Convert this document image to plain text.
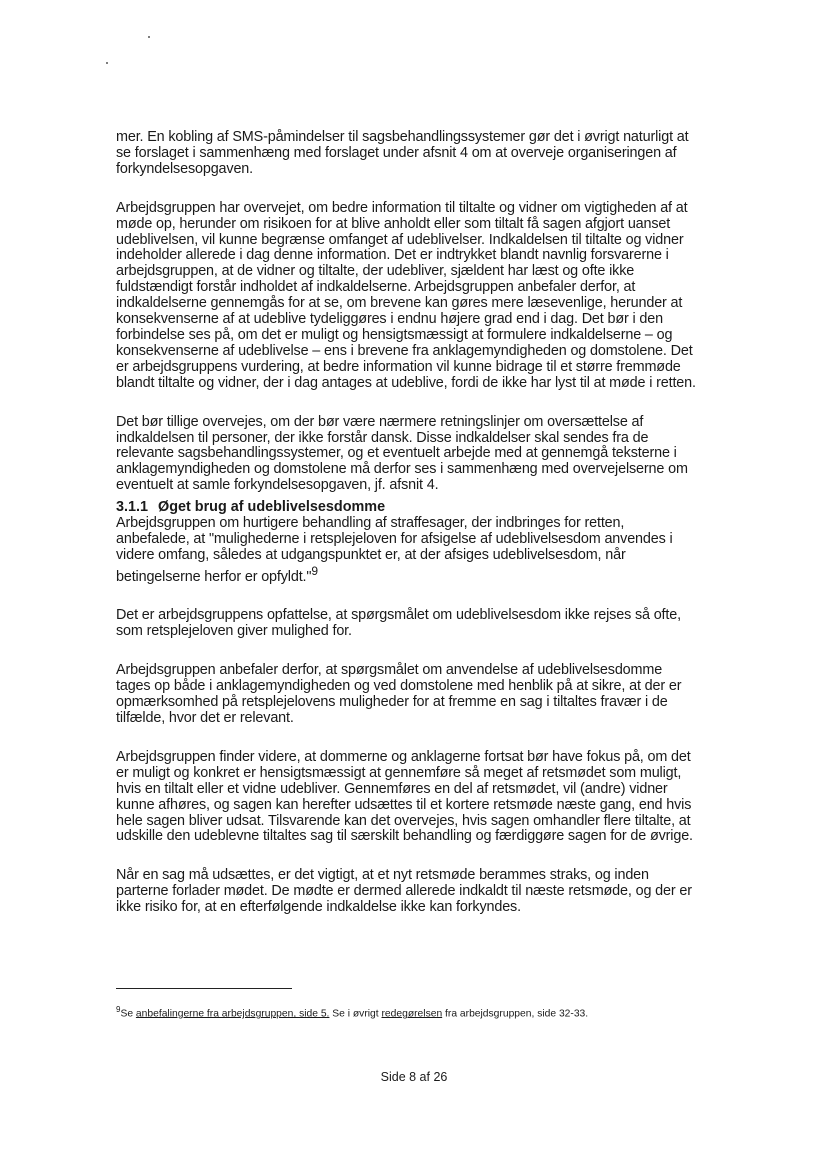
mer. En kobling af SMS-påmindelser til sagsbehandlingssystemer gør det i øvrigt naturligt at se forslaget i sammenhæng med forslaget under afsnit 4 om at overveje organiseringen af forkyndelsesopgaven.

Arbejdsgruppen har overvejet, om bedre information til tiltalte og vidner om vigtigheden af at møde op, herunder om risikoen for at blive anholdt eller som tiltalt få sagen afgjort uanset udeblivelsen, vil kunne begrænse omfanget af udeblivelser. Indkaldelsen til tiltalte og vidner indeholder allerede i dag denne information. Det er indtrykket blandt navnlig forsvarerne i arbejdsgruppen, at de vidner og tiltalte, der udebliver, sjældent har læst og ofte ikke fuldstændigt forstår indholdet af indkaldelserne. Arbejdsgruppen anbefaler derfor, at indkaldelserne gennemgås for at se, om brevene kan gøres mere læsevenlige, herunder at konsekvenserne af at udeblive tydeliggøres i endnu højere grad end i dag. Det bør i den forbindelse ses på, om det er muligt og hensigtsmæssigt at formulere indkaldelserne – og konsekvenserne af udeblivelse – ens i brevene fra anklagemyndigheden og domstolene. Det er arbejdsgruppens vurdering, at bedre information vil kunne bidrage til et større fremmøde blandt tiltalte og vidner, der i dag antages at udeblive, fordi de ikke har lyst til at møde i retten.

Det bør tillige overvejes, om der bør være nærmere retningslinjer om oversættelse af indkaldelsen til personer, der ikke forstår dansk. Disse indkaldelser skal sendes fra de relevante sagsbehandlingssystemer, og et eventuelt arbejde med at gennemgå teksterne i anklagemyndigheden og domstolene må derfor ses i sammenhæng med overvejelserne om eventuelt at samle forkyndelsesopgaven, jf. afsnit 4.

3.1.1 Øget brug af udeblivelsesdomme

Arbejdsgruppen om hurtigere behandling af straffesager, der indbringes for retten, anbefalede, at "mulighederne i retsplejeloven for afsigelse af udeblivelsesdom anvendes i videre omfang, således at udgangspunktet er, at der afsiges udeblivelsesdom, når betingelserne herfor er opfyldt."$^9$

Det er arbejdsgruppens opfattelse, at spørgsmålet om udeblivelsesdom ikke rejses så ofte, som retsplejeloven giver mulighed for.

Arbejdsgruppen anbefaler derfor, at spørgsmålet om anvendelse af udeblivelsesdomme tages op både i anklagemyndigheden og ved domstolene med henblik på at sikre, at der er opmærksomhed på retsplejelovens muligheder for at fremme en sag i tiltaltes fravær i de tilfælde, hvor det er relevant.

Arbejdsgruppen finder videre, at dommerne og anklagerne fortsat bør have fokus på, om det er muligt og konkret er hensigtsmæssigt at gennemføre så meget af retsmødet som muligt, hvis en tiltalt eller et vidne udebliver. Gennemføres en del af retsmødet, vil (andre) vidner kunne afhøres, og sagen kan herefter udsættes til et kortere retsmøde næste gang, end hvis hele sagen bliver udsat. Tilsvarende kan det overvejes, hvis sagen omhandler flere tiltalte, at udskille den udeblevne tiltaltes sag til særskilt behandling og færdiggøre sagen for de øvrige.

Når en sag må udsættes, er det vigtigt, at et nyt retsmøde berammes straks, og inden parterne forlader mødet. De mødte er dermed allerede indkaldt til næste retsmøde, og der er ikke risiko for, at en efterfølgende indkaldelse ikke kan forkyndes.

$^9$Se anbefalingerne fra arbejdsgruppen, side 5. Se i øvrigt redegørelsen fra arbejdsgruppen, side 32-33.
Side 8 af 26
